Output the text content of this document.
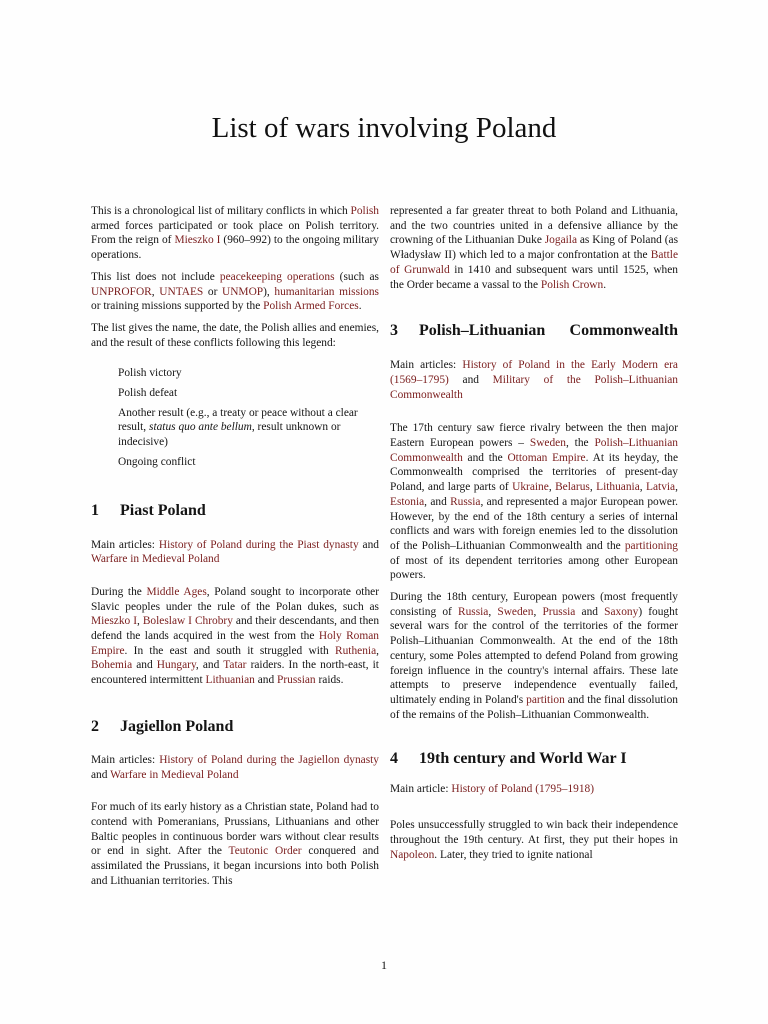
List of wars involving Poland

This is a chronological list of military conflicts in which Polish armed forces participated or took place on Polish territory. From the reign of Mieszko I (960–992) to the ongoing military operations.

This list does not include peacekeeping operations (such as UNPROFOR, UNTAES or UNMOP), humanitarian missions or training missions supported by the Polish Armed Forces.

The list gives the name, the date, the Polish allies and enemies, and the result of these conflicts following this legend:

Polish victory
Polish defeat
Another result (e.g., a treaty or peace without a clear result, status quo ante bellum, result unknown or indecisive)
Ongoing conflict
1	Piast Poland

Main articles: History of Poland during the Piast dynasty and Warfare in Medieval Poland

During the Middle Ages, Poland sought to incorporate other Slavic peoples under the rule of the Polan dukes, such as Mieszko I, Boleslaw I Chrobry and their descendants, and then defend the lands acquired in the west from the Holy Roman Empire. In the east and south it struggled with Ruthenia, Bohemia and Hungary, and Tatar raiders. In the north-east, it encountered intermittent Lithuanian and Prussian raids.

2	Jagiellon Poland

Main articles: History of Poland during the Jagiellon dynasty and Warfare in Medieval Poland

For much of its early history as a Christian state, Poland had to contend with Pomeranians, Prussians, Lithuanians and other Baltic peoples in continuous border wars without clear results or end in sight. After the Teutonic Order conquered and assimilated the Prussians, it began incursions into both Polish and Lithuanian territories. This

represented a far greater threat to both Poland and Lithuania, and the two countries united in a defensive alliance by the crowning of the Lithuanian Duke Jogaila as King of Poland (as Władysław II) which led to a major confrontation at the Battle of Grunwald in 1410 and subsequent wars until 1525, when the Order became a vassal to the Polish Crown.

3	Polish–Lithuanian Commonwealth

Main articles: History of Poland in the Early Modern era (1569–1795) and Military of the Polish–Lithuanian Commonwealth

The 17th century saw fierce rivalry between the then major Eastern European powers – Sweden, the Polish–Lithuanian Commonwealth and the Ottoman Empire. At its heyday, the Commonwealth comprised the territories of present-day Poland, and large parts of Ukraine, Belarus, Lithuania, Latvia, Estonia, and Russia, and represented a major European power. However, by the end of the 18th century a series of internal conflicts and wars with foreign enemies led to the dissolution of the Polish–Lithuanian Commonwealth and the partitioning of most of its dependent territories among other European powers.

During the 18th century, European powers (most frequently consisting of Russia, Sweden, Prussia and Saxony) fought several wars for the control of the territories of the former Polish–Lithuanian Commonwealth. At the end of the 18th century, some Poles attempted to defend Poland from growing foreign influence in the country's internal affairs. These late attempts to preserve independence eventually failed, ultimately ending in Poland's partition and the final dissolution of the remains of the Polish–Lithuanian Commonwealth.

4	19th century and World War I

Main article: History of Poland (1795–1918)

Poles unsuccessfully struggled to win back their independence throughout the 19th century. At first, they put their hopes in Napoleon. Later, they tried to ignite national

1
